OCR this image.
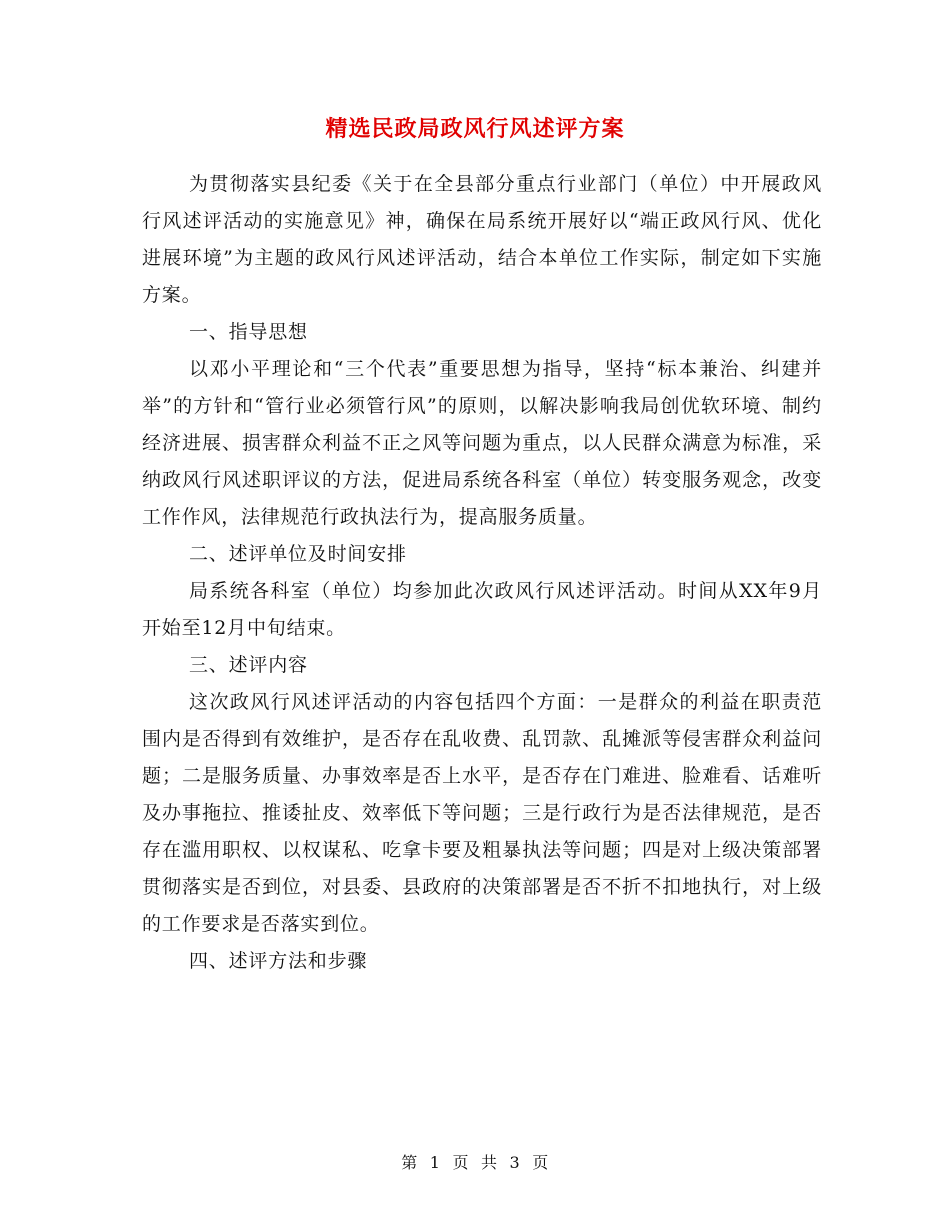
精选民政局政风行风述评方案

为贯彻落实县纪委《关于在全县部分重点行业部门（单位）中开展政风行风述评活动的实施意见》神，确保在局系统开展好以“端正政风行风、优化进展环境”为主题的政风行风述评活动，结合本单位工作实际，制定如下实施方案。

一、指导思想

以邓小平理论和“三个代表”重要思想为指导，坚持“标本兼治、纠建并举”的方针和“管行业必须管行风”的原则，以解决影响我局创优软环境、制约经济进展、损害群众利益不正之风等问题为重点，以人民群众满意为标准，采纳政风行风述职评议的方法，促进局系统各科室（单位）转变服务观念，改变工作作风，法律规范行政执法行为，提高服务质量。

二、述评单位及时间安排

局系统各科室（单位）均参加此次政风行风述评活动。时间从XX年9月开始至12月中旬结束。

三、述评内容

这次政风行风述评活动的内容包括四个方面：一是群众的利益在职责范围内是否得到有效维护，是否存在乱收费、乱罚款、乱摊派等侵害群众利益问题；二是服务质量、办事效率是否上水平，是否存在门难进、脸难看、话难听及办事拖拉、推诿扯皮、效率低下等问题；三是行政行为是否法律规范，是否存在滥用职权、以权谋私、吃拿卡要及粗暴执法等问题；四是对上级决策部署贯彻落实是否到位，对县委、县政府的决策部署是否不折不扣地执行，对上级的工作要求是否落实到位。

四、述评方法和步骤

第 1 页 共 3 页
